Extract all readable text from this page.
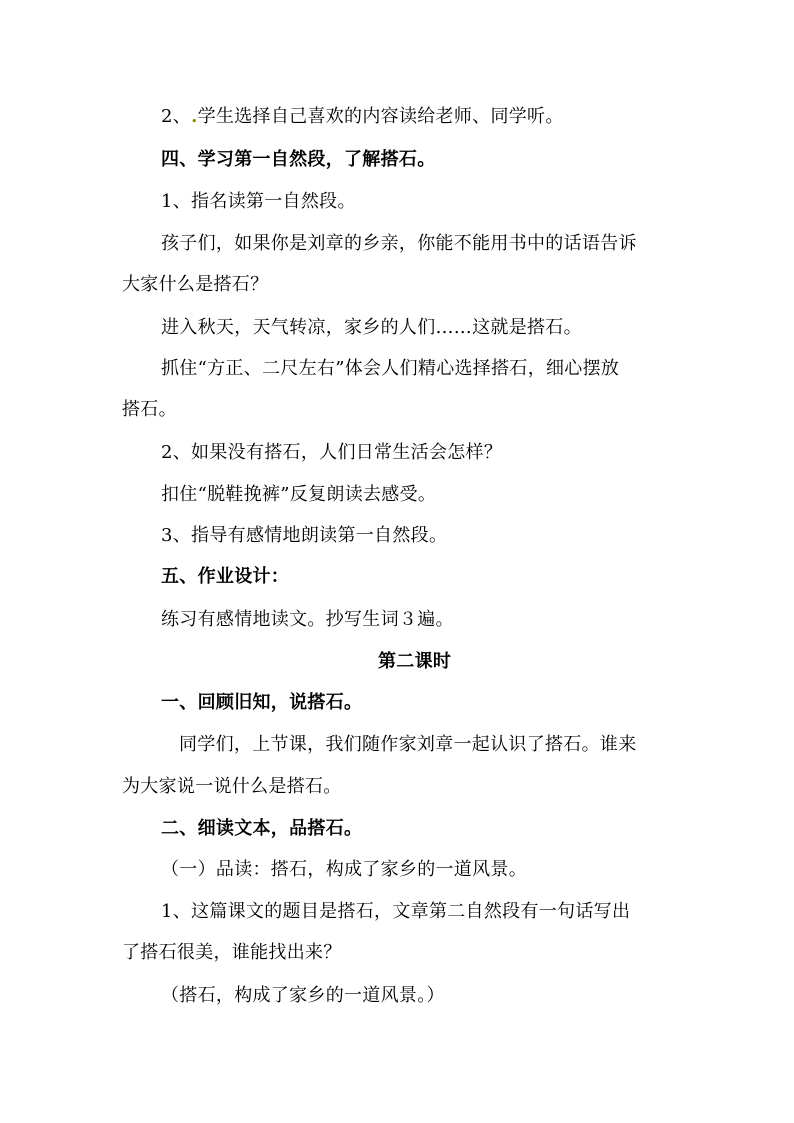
2、.学生选择自己喜欢的内容读给老师、同学听。
四、学习第一自然段，了解搭石。
1、指名读第一自然段。
孩子们，如果你是刘章的乡亲，你能不能用书中的话语告诉
大家什么是搭石？
进入秋天，天气转凉，家乡的人们……这就是搭石。
抓住“方正、二尺左右”体会人们精心选择搭石，细心摆放
搭石。
2、如果没有搭石，人们日常生活会怎样？
扣住“脱鞋挽裤”反复朗读去感受。
3、指导有感情地朗读第一自然段。
五、作业设计：
练习有感情地读文。抄写生词３遍。
第二课时
一、回顾旧知，说搭石。
同学们，上节课，我们随作家刘章一起认识了搭石。谁来
为大家说一说什么是搭石。
二、细读文本，品搭石。
（一）品读：搭石，构成了家乡的一道风景。
1、这篇课文的题目是搭石，文章第二自然段有一句话写出
了搭石很美，谁能找出来？
（搭石，构成了家乡的一道风景。）
